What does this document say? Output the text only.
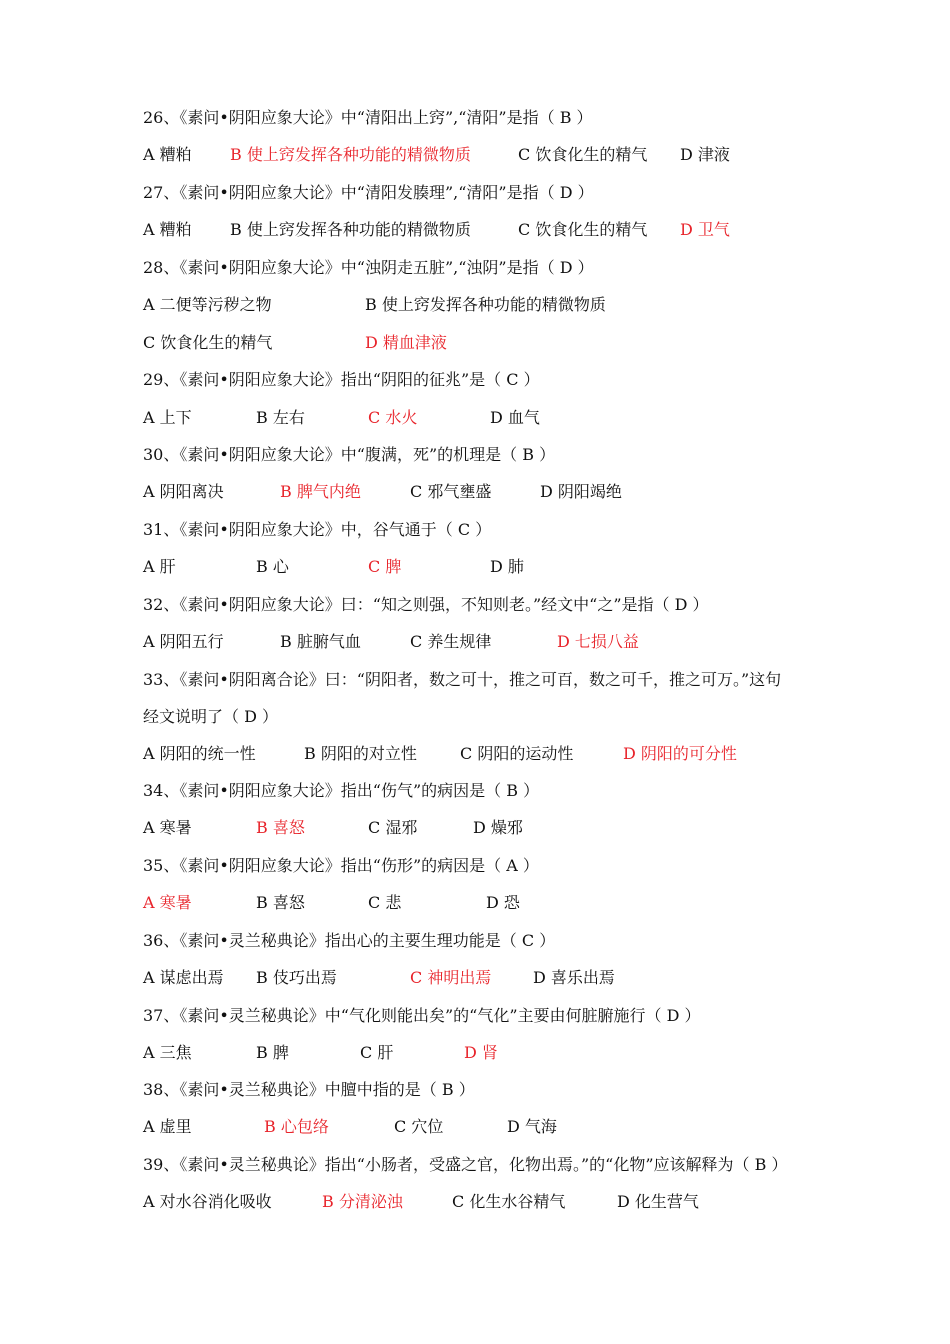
26、《素问•阴阳应象大论》中“清阳出上窍”,“清阳”是指（ B ）
A 糟粕 B 使上窍发挥各种功能的精微物质	C 饮食化生的精气 D 津液
27、《素问•阴阳应象大论》中“清阳发腠理”,“清阳”是指（ D ）
A 糟粕 B 使上窍发挥各种功能的精微物质	C 饮食化生的精气 D 卫气
28、《素问•阴阳应象大论》中“浊阴走五脏”,“浊阴”是指（ D ）
A 二便等污秽之物	B 使上窍发挥各种功能的精微物质
C 饮食化生的精气	D 精血津液
29、《素问•阴阳应象大论》指出“阴阳的征兆”是（ C ）
A 上下	B 左右	C 水火	D 血气
30、《素问•阴阳应象大论》中“腹满，死”的机理是（ B ）
A 阴阳离决	B 脾气内绝	C 邪气壅盛	D 阴阳竭绝
31、《素问•阴阳应象大论》中，谷气通于（ C ）
A 肝	B 心	C 脾	D 肺
32、《素问•阴阳应象大论》曰：“知之则强，不知则老。”经文中“之”是指（ D ）
A 阴阳五行	B 脏腑气血	C 养生规律	D 七损八益
33、《素问•阴阳离合论》曰：“阴阳者，数之可十，推之可百，数之可千，推之可万。”这句
经文说明了（ D ）
A 阴阳的统一性	B 阴阳的对立性	C 阴阳的运动性	D 阴阳的可分性
34、《素问•阴阳应象大论》指出“伤气”的病因是（ B ）
A 寒暑	B 喜怒	C 湿邪	D 燥邪
35、《素问•阴阳应象大论》指出“伤形”的病因是（ A ）
A 寒暑	B 喜怒	C 悲	D 恐
36、《素问•灵兰秘典论》指出心的主要生理功能是（ C ）
A 谋虑出焉 B 伎巧出焉	C 神明出焉	D 喜乐出焉
37、《素问•灵兰秘典论》中“气化则能出矣”的“气化”主要由何脏腑施行（ D ）
A 三焦	B 脾	C 肝	D 肾
38、《素问•灵兰秘典论》中膻中指的是（ B ）
A 虚里	B 心包络	C 穴位	D 气海
39、《素问•灵兰秘典论》指出“小肠者，受盛之官，化物出焉。”的“化物”应该解释为（ B ）
A 对水谷消化吸收	B 分清泌浊	C 化生水谷精气	D 化生营气
